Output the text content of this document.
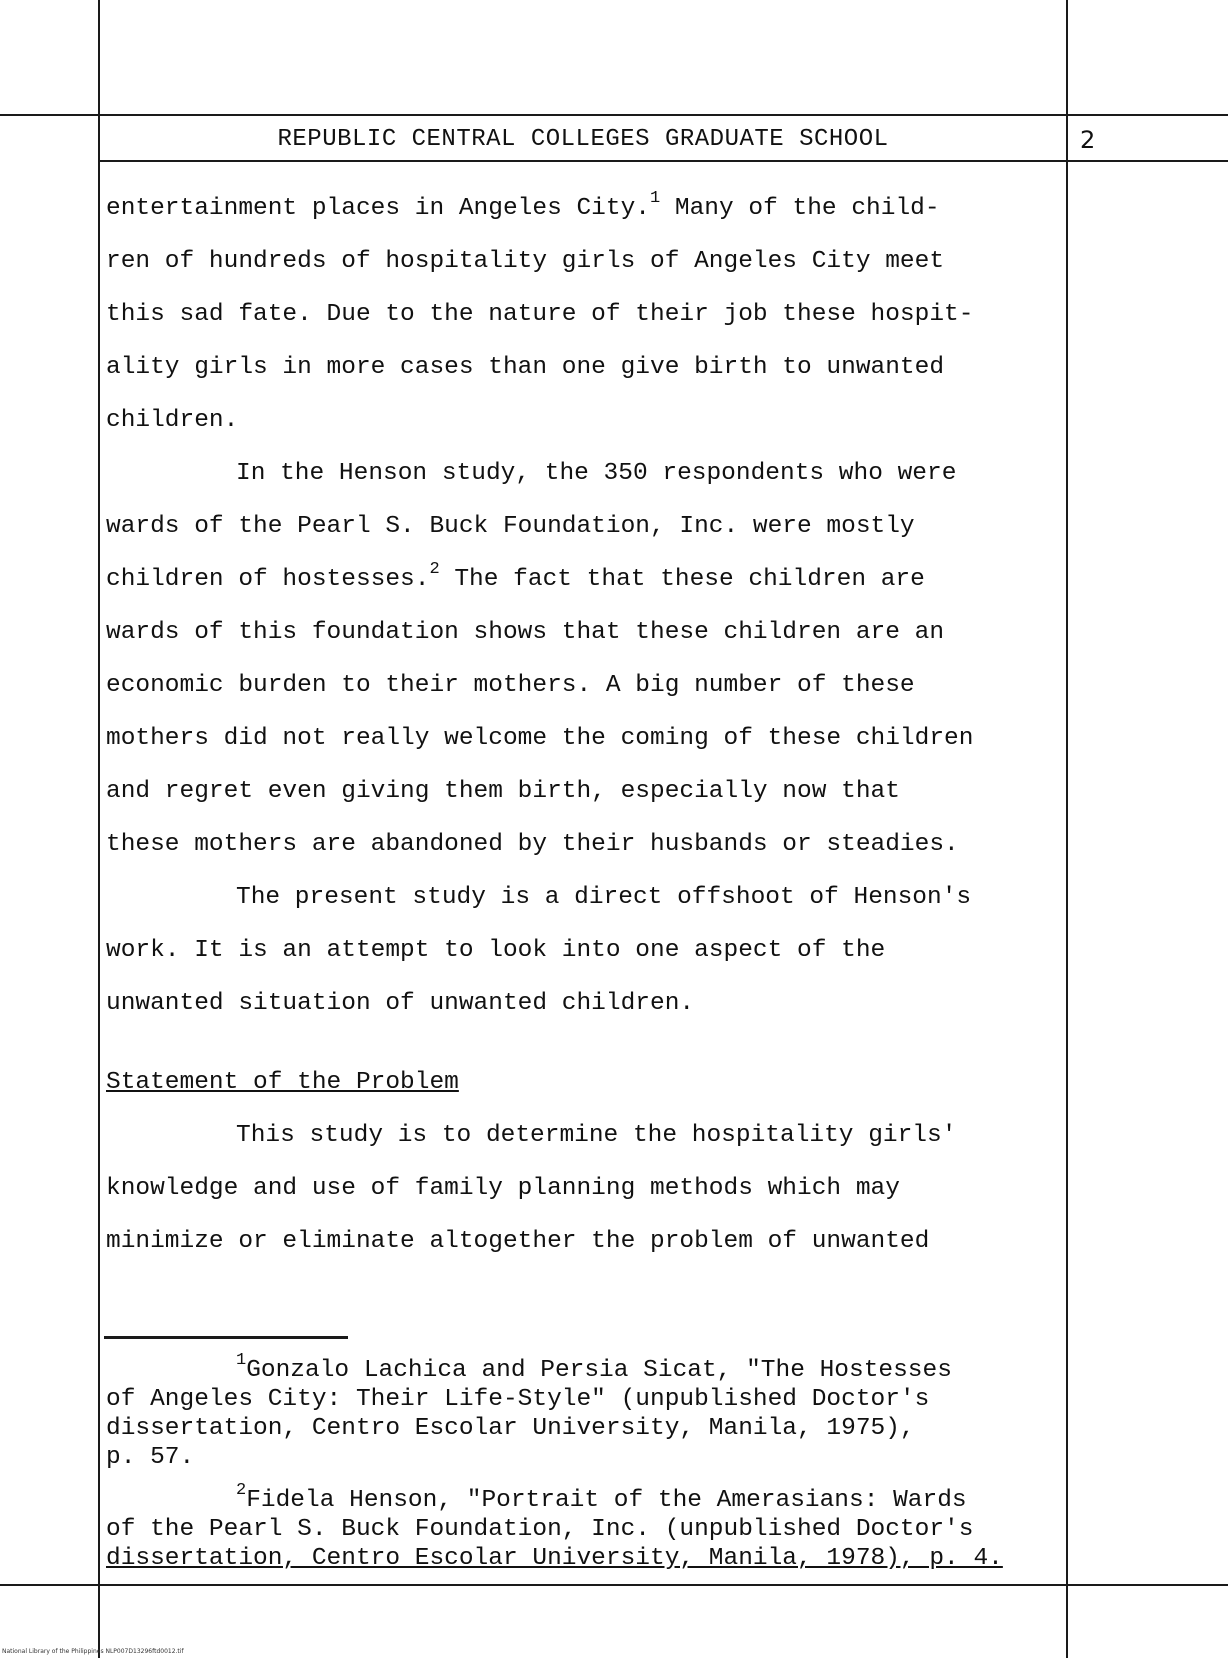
REPUBLIC CENTRAL COLLEGES GRADUATE SCHOOL	2
entertainment places in Angeles City.$^1$ Many of the child-
ren of hundreds of hospitality girls of Angeles City meet
this sad fate. Due to the nature of their job these hospit-
ality girls in more cases than one give birth to unwanted
children.
In the Henson study, the 350 respondents who were
wards of the Pearl S. Buck Foundation, Inc. were mostly
children of hostesses.$^2$ The fact that these children are
wards of this foundation shows that these children are an
economic burden to their mothers. A big number of these
mothers did not really welcome the coming of these children
and regret even giving them birth, especially now that
these mothers are abandoned by their husbands or steadies.
The present study is a direct offshoot of Henson's
work. It is an attempt to look into one aspect of the
unwanted situation of unwanted children.
Statement of the Problem
This study is to determine the hospitality girls'
knowledge and use of family planning methods which may
minimize or eliminate altogether the problem of unwanted
$^1$Gonzalo Lachica and Persia Sicat, "The Hostesses
of Angeles City: Their Life-Style" (unpublished Doctor's
dissertation, Centro Escolar University, Manila, 1975),
p. 57.
$^2$Fidela Henson, "Portrait of the Amerasians: Wards
of the Pearl S. Buck Foundation, Inc. (unpublished Doctor's
dissertation, Centro Escolar University, Manila, 1978), p. 4.
National Library of the Philippines NLP007D13296ftd0012.tif
